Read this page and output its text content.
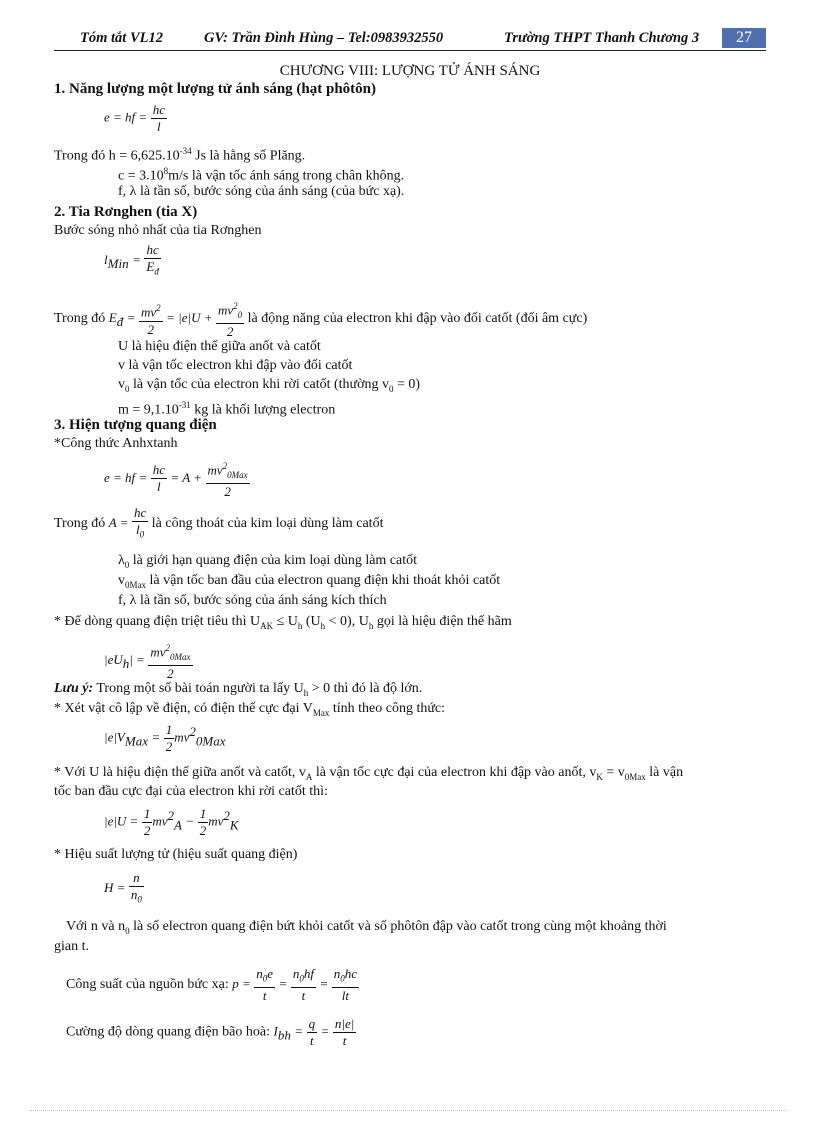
Tóm tắt VL12	GV: Trần Đình Hùng – Tel:0983932550	Trường THPT Thanh Chương 3	27
CHƯƠNG VIII: LƯỢNG TỬ ÁNH SÁNG
1. Năng lượng một lượng tử ánh sáng (hạt phôtôn)
e = hf = $\frac{hc}{l}$
Trong đó $h = 6,625.10^{-34}$ Js là hằng số Plăng.
$c = 3.10^8m/s$ là vận tốc ánh sáng trong chân không.
f, λ là tần số, bước sóng của ánh sáng (của bức xạ).
2. Tia Rơnghen (tia X)
Bước sóng nhỏ nhất của tia Rơnghen
$l_{Min} = \frac{hc}{E_đ}$
Trong đó $E_đ = \frac{mv^2}{2} = |e|U + \frac{mv^2_0}{2}$ là động năng của electron khi đập vào đối catốt (đối âm cực)
U là hiệu điện thế giữa anốt và catốt
v là vận tốc electron khi đập vào đối catốt
$v_0$ là vận tốc của electron khi rời catốt (thường $v_0 = 0$)
$m = 9,1.10^{-31}$ kg là khối lượng electron
3. Hiện tượng quang điện
*Công thức Anhxtanh
e = hf = $\frac{hc}{l} = A + \frac{mv^2_{0Max}}{2}$
Trong đó $A = \frac{hc}{l_0}$ là công thoát của kim loại dùng làm catốt
$\lambda_0$ là giới hạn quang điện của kim loại dùng làm catốt
$v_{0Max}$ là vận tốc ban đầu của electron quang điện khi thoát khỏi catốt
f, λ là tần số, bước sóng của ánh sáng kích thích
* Để dòng quang điện triệt tiêu thì $U_{AK} \le U_h$ $(U_h < 0)$, $U_h$ gọi là hiệu điện thế hãm
$|eU_h| = \frac{mv^2_{0Max}}{2}$
Lưu ý: Trong một số bài toán người ta lấy $U_h > 0$ thì đó là độ lớn.
* Xét vật cô lập về điện, có điện thế cực đại $V_{Max}$ tính theo công thức:
$|e|V_{Max} = \frac{1}{2} mv^2_{0Max}$
* Với U là hiệu điện thế giữa anốt và catốt, $v_A$ là vận tốc cực đại của electron khi đập vào anốt, $v_K = v_{0Max}$ là vận
tốc ban đầu cực đại của electron khi rời catốt thì:
$|e|U = \frac{1}{2} mv^2_A - \frac{1}{2} mv^2_K$
* Hiệu suất lượng tử (hiệu suất quang điện)
$H = \frac{n}{n_0}$
Với n và $n_0$ là số electron quang điện bứt khỏi catốt và số phôtôn đập vào catốt trong cùng một khoảng thời
gian t.
Công suất của nguồn bức xạ: $p = \frac{n_0e}{t} = \frac{n_0hf}{t} = \frac{n_0hc}{lt}$
Cường độ dòng quang điện bão hoà: $I_{bh} = \frac{q}{t} = \frac{n|e|}{t}$
